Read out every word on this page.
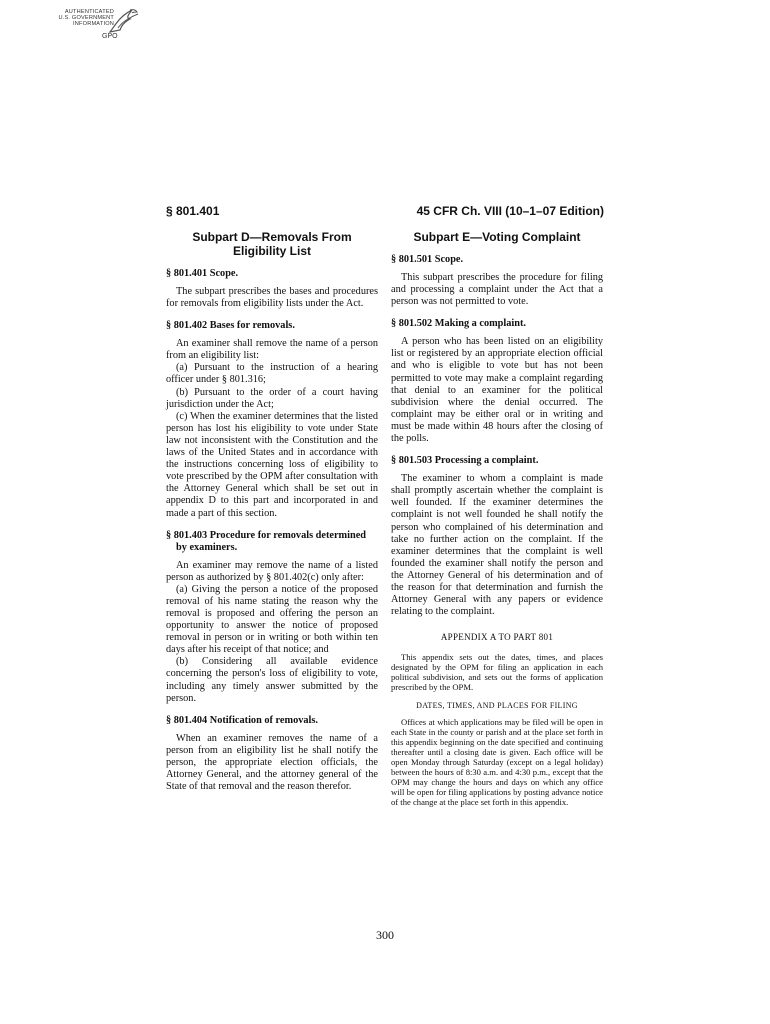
AUTHENTICATED
U.S. GOVERNMENT
INFORMATION
GPO
§ 801.401	45 CFR Ch. VIII (10–1–07 Edition)
Subpart D—Removals From Eligibility List
§ 801.401 Scope.

The subpart prescribes the bases and procedures for removals from eligibility lists under the Act.

§ 801.402 Bases for removals.

An examiner shall remove the name of a person from an eligibility list:

(a) Pursuant to the instruction of a hearing officer under § 801.316;

(b) Pursuant to the order of a court having jurisdiction under the Act;

(c) When the examiner determines that the listed person has lost his eligibility to vote under State law not inconsistent with the Constitution and the laws of the United States and in accordance with the instructions concerning loss of eligibility to vote prescribed by the OPM after consultation with the Attorney General which shall be set out in appendix D to this part and incorporated in and made a part of this section.

§ 801.403 Procedure for removals determined by examiners.

An examiner may remove the name of a listed person as authorized by § 801.402(c) only after:

(a) Giving the person a notice of the proposed removal of his name stating the reason why the removal is proposed and offering the person an opportunity to answer the notice of proposed removal in person or in writing or both within ten days after his receipt of that notice; and

(b) Considering all available evidence concerning the person's loss of eligibility to vote, including any timely answer submitted by the person.

§ 801.404 Notification of removals.

When an examiner removes the name of a person from an eligibility list he shall notify the person, the appropriate election officials, the Attorney General, and the attorney general of the State of that removal and the reason therefor.

Subpart E—Voting Complaint
§ 801.501 Scope.

This subpart prescribes the procedure for filing and processing a complaint under the Act that a person was not permitted to vote.

§ 801.502 Making a complaint.

A person who has been listed on an eligibility list or registered by an appropriate election official and who is eligible to vote but has not been permitted to vote may make a complaint regarding that denial to an examiner for the political subdivision where the denial occurred. The complaint may be either oral or in writing and must be made within 48 hours after the closing of the polls.

§ 801.503 Processing a complaint.

The examiner to whom a complaint is made shall promptly ascertain whether the complaint is well founded. If the examiner determines the complaint is not well founded he shall notify the person who complained of his determination and take no further action on the complaint. If the examiner determines that the complaint is well founded the examiner shall notify the person and the Attorney General of his determination and of the reason for that determination and furnish the Attorney General with any papers or evidence relating to the complaint.

APPENDIX A TO PART 801

This appendix sets out the dates, times, and places designated by the OPM for filing an application in each political subdivision, and sets out the forms of application prescribed by the OPM.

DATES, TIMES, AND PLACES FOR FILING

Offices at which applications may be filed will be open in each State in the county or parish and at the place set forth in this appendix beginning on the date specified and continuing thereafter until a closing date is given. Each office will be open Monday through Saturday (except on a legal holiday) between the hours of 8:30 a.m. and 4:30 p.m., except that the OPM may change the hours and days on which any office will be open for filing applications by posting advance notice of the change at the place set forth in this appendix.

300
